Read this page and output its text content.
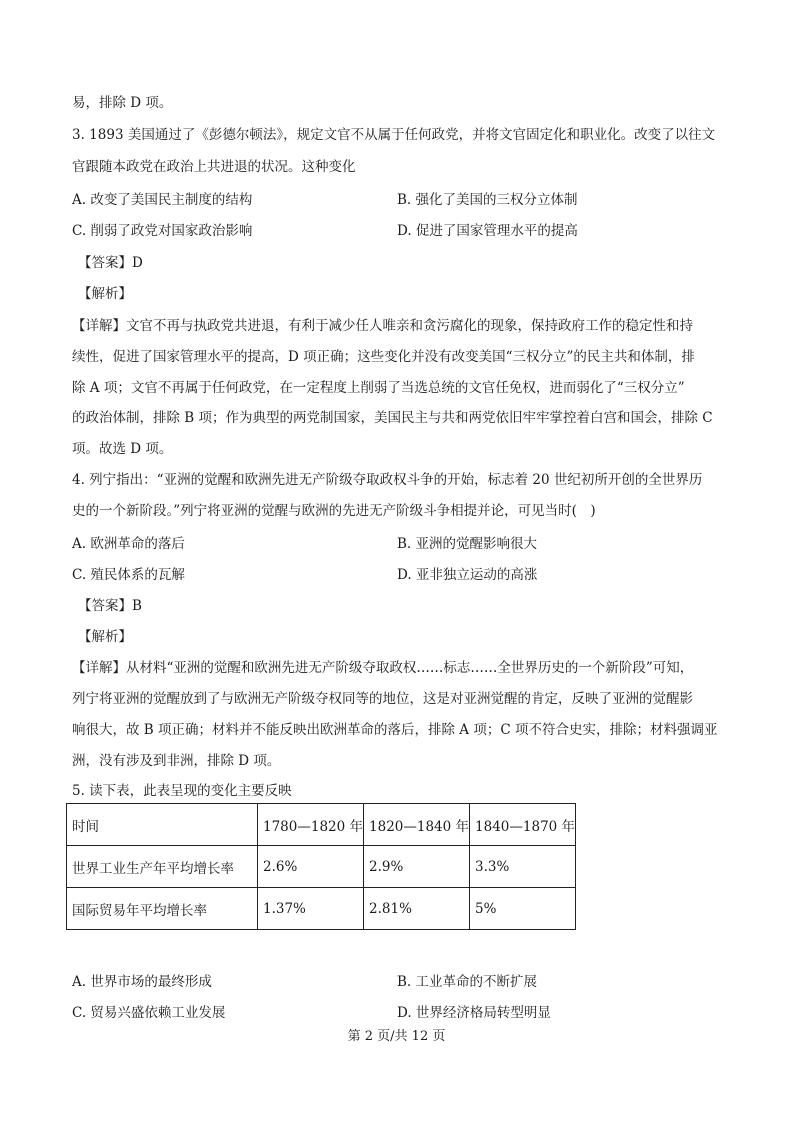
易，排除 D 项。
3. 1893 美国通过了《彭德尔顿法》，规定文官不从属于任何政党，并将文官固定化和职业化。改变了以往文
官跟随本政党在政治上共进退的状况。这种变化
A. 改变了美国民主制度的结构	B. 强化了美国的三权分立体制
C. 削弱了政党对国家政治影响	D. 促进了国家管理水平的提高
【答案】D
【解析】
【详解】文官不再与执政党共进退，有利于减少任人唯亲和贪污腐化的现象，保持政府工作的稳定性和持
续性，促进了国家管理水平的提高，D 项正确；这些变化并没有改变美国“三权分立”的民主共和体制，排
除 A 项；文官不再属于任何政党，在一定程度上削弱了当选总统的文官任免权，进而弱化了“三权分立”
的政治体制，排除 B 项；作为典型的两党制国家，美国民主与共和两党依旧牢牢掌控着白宫和国会，排除 C
项。故选 D 项。
4. 列宁指出：“亚洲的觉醒和欧洲先进无产阶级夺取政权斗争的开始，标志着 20 世纪初所开创的全世界历
史的一个新阶段。”列宁将亚洲的觉醒与欧洲的先进无产阶级斗争相提并论，可见当时(　)
A. 欧洲革命的落后	B. 亚洲的觉醒影响很大
C. 殖民体系的瓦解	D. 亚非独立运动的高涨
【答案】B
【解析】
【详解】从材料“亚洲的觉醒和欧洲先进无产阶级夺取政权……标志……全世界历史的一个新阶段”可知，
列宁将亚洲的觉醒放到了与欧洲无产阶级夺权同等的地位，这是对亚洲觉醒的肯定，反映了亚洲的觉醒影
响很大，故 B 项正确；材料并不能反映出欧洲革命的落后，排除 A 项；C 项不符合史实，排除；材料强调亚
洲，没有涉及到非洲，排除 D 项。
5. 读下表，此表呈现的变化主要反映
时间	1780—1820 年	1820—1840 年	1840—1870 年
世界工业生产年平均增长率	2.6%	2.9%	3.3%
国际贸易年平均增长率	1.37%	2.81%	5%
A. 世界市场的最终形成	B. 工业革命的不断扩展
C. 贸易兴盛依赖工业发展	D. 世界经济格局转型明显
第 2 页/共 12 页
